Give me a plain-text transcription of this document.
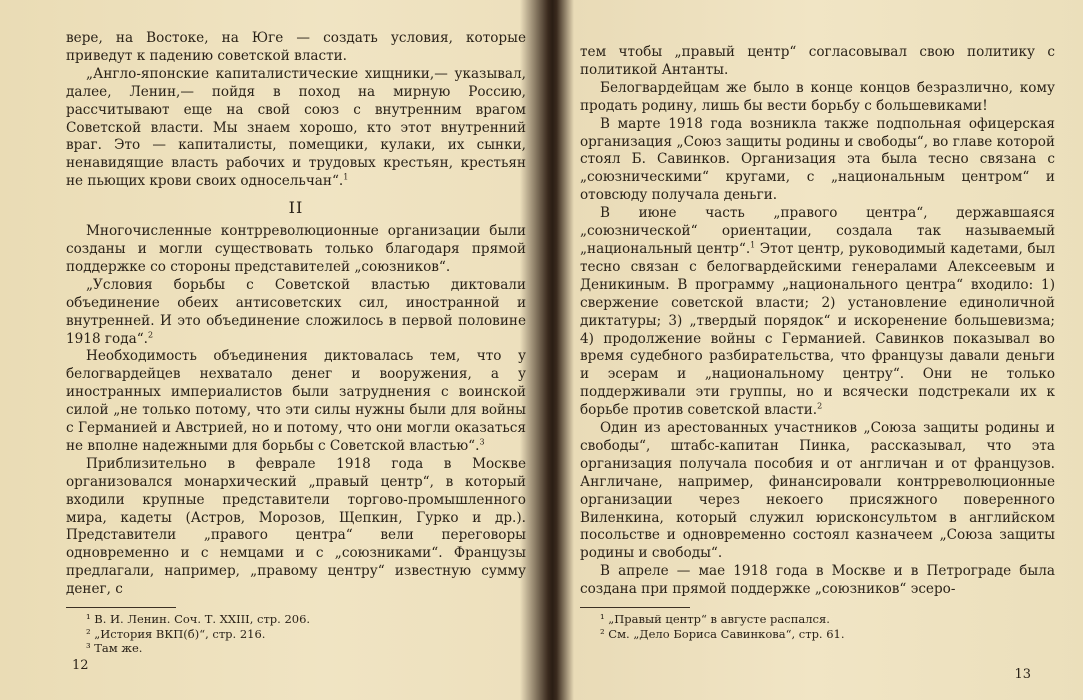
вере, на Востоке, на Юге — создать условия, которые приведут к падению советской власти.

„Англо-японские капиталистические хищники,— указывал, далее, Ленин,— пойдя в поход на мирную Россию, рассчитывают еще на свой союз с внутренним врагом Советской власти. Мы знаем хорошо, кто этот внутренний враг. Это — капиталисты, помещики, кулаки, их сынки, ненавидящие власть рабочих и трудовых крестьян, крестьян не пьющих крови своих односельчан“.$^1$

II

Многочисленные контрреволюционные организации были созданы и могли существовать только благодаря прямой поддержке со стороны представителей „союзников“.

„Условия борьбы с Советской властью диктовали объединение обеих антисоветских сил, иностранной и внутренней. И это объединение сложилось в первой половине 1918 года“.$^2$

Необходимость объединения диктовалась тем, что у белогвардейцев нехватало денег и вооружения, а у иностранных империалистов были затруднения с воинской силой „не только потому, что эти силы нужны были для войны с Германией и Австрией, но и потому, что они могли оказаться не вполне надежными для борьбы с Советской властью“.$^3$

Приблизительно в феврале 1918 года в Москве организовался монархический „правый центр“, в который входили крупные представители торгово-промышленного мира, кадеты (Астров, Морозов, Щепкин, Гурко и др.). Представители „правого центра“ вели переговоры одновременно и с немцами и с „союзниками“. Французы предлагали, например, „правому центру“ известную сумму денег, с

¹ В. И. Ленин. Соч. Т. XXIII, стр. 206.
² „История ВКП(б)“, стр. 216.
³ Там же.
12

тем чтобы „правый центр“ согласовывал свою политику с политикой Антанты.

Белогвардейцам же было в конце концов безразлично, кому продать родину, лишь бы вести борьбу с большевиками!

В марте 1918 года возникла также подпольная офицерская организация „Союз защиты родины и свободы“, во главе которой стоял Б. Савинков. Организация эта была тесно связана с „союзническими“ кругами, с „национальным центром“ и отовсюду получала деньги.

В июне часть „правого центра“, державшаяся „союзнической“ ориентации, создала так называемый „национальный центр“.$^1$ Этот центр, руководимый кадетами, был тесно связан с белогвардейскими генералами Алексеевым и Деникиным. В программу „национального центра“ входило: 1) свержение советской власти; 2) установление единоличной диктатуры; 3) „твердый порядок“ и искоренение большевизма; 4) продолжение войны с Германией. Савинков показывал во время судебного разбирательства, что французы давали деньги и эсерам и „национальному центру“. Они не только поддерживали эти группы, но и всячески подстрекали их к борьбе против советской власти.$^2$

Один из арестованных участников „Союза защиты родины и свободы“, штабс-капитан Пинка, рассказывал, что эта организация получала пособия и от англичан и от французов. Англичане, например, финансировали контрреволюционные организации через некоего присяжного поверенного Виленкина, который служил юрисконсультом в английском посольстве и одновременно состоял казначеем „Союза защиты родины и свободы“.

В апреле — мае 1918 года в Москве и в Петрограде была создана при прямой поддержке „союзников“ эсеро-

¹ „Правый центр“ в августе распался.
² См. „Дело Бориса Савинкова“, стр. 61.
13
